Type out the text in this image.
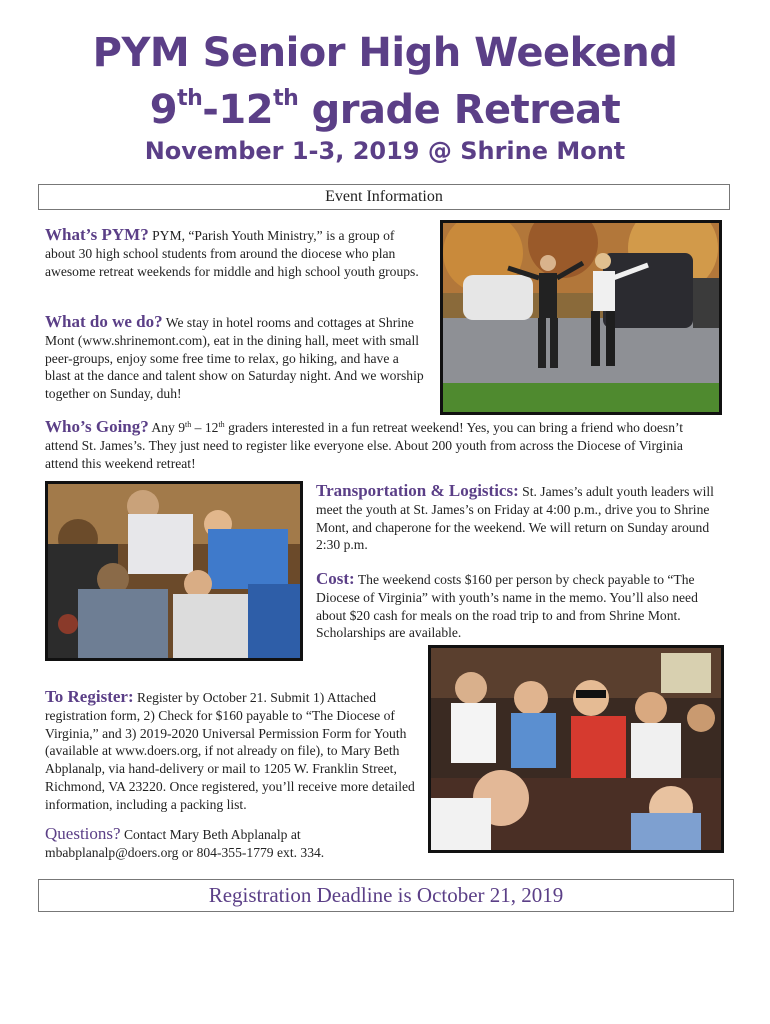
PYM Senior High Weekend
9th-12th grade Retreat
November 1-3, 2019 @ Shrine Mont
Event Information
What’s PYM? PYM, “Parish Youth Ministry,” is a group of about 30 high school students from around the diocese who plan awesome retreat weekends for middle and high school youth groups.
What do we do? We stay in hotel rooms and cottages at Shrine Mont (www.shrinemont.com), eat in the dining hall, meet with small peer-groups, enjoy some free time to relax, go hiking, and have a blast at the dance and talent show on Saturday night. And we worship together on Sunday, duh!
Who’s Going? Any 9th – 12th graders interested in a fun retreat weekend! Yes, you can bring a friend who doesn’t attend St. James’s. They just need to register like everyone else. About 200 youth from across the Diocese of Virginia attend this weekend retreat!
Transportation & Logistics: St. James’s adult youth leaders will meet the youth at St. James’s on Friday at 4:00 p.m., drive you to Shrine Mont, and chaperone for the weekend. We will return on Sunday around 2:30 p.m.
Cost: The weekend costs $160 per person by check payable to “The Diocese of Virginia” with youth’s name in the memo. You’ll also need about $20 cash for meals on the road trip to and from Shrine Mont. Scholarships are available.
To Register: Register by October 21. Submit 1) Attached registration form, 2) Check for $160 payable to “The Diocese of Virginia,” and 3) 2019-2020 Universal Permission Form for Youth (available at www.doers.org, if not already on file), to Mary Beth Abplanalp, via hand-delivery or mail to 1205 W. Franklin Street, Richmond, VA 23220. Once registered, you’ll receive more detailed information, including a packing list.
Questions? Contact Mary Beth Abplanalp at mbabplanalp@doers.org or 804-355-1779 ext. 334.
Registration Deadline is October 21, 2019
